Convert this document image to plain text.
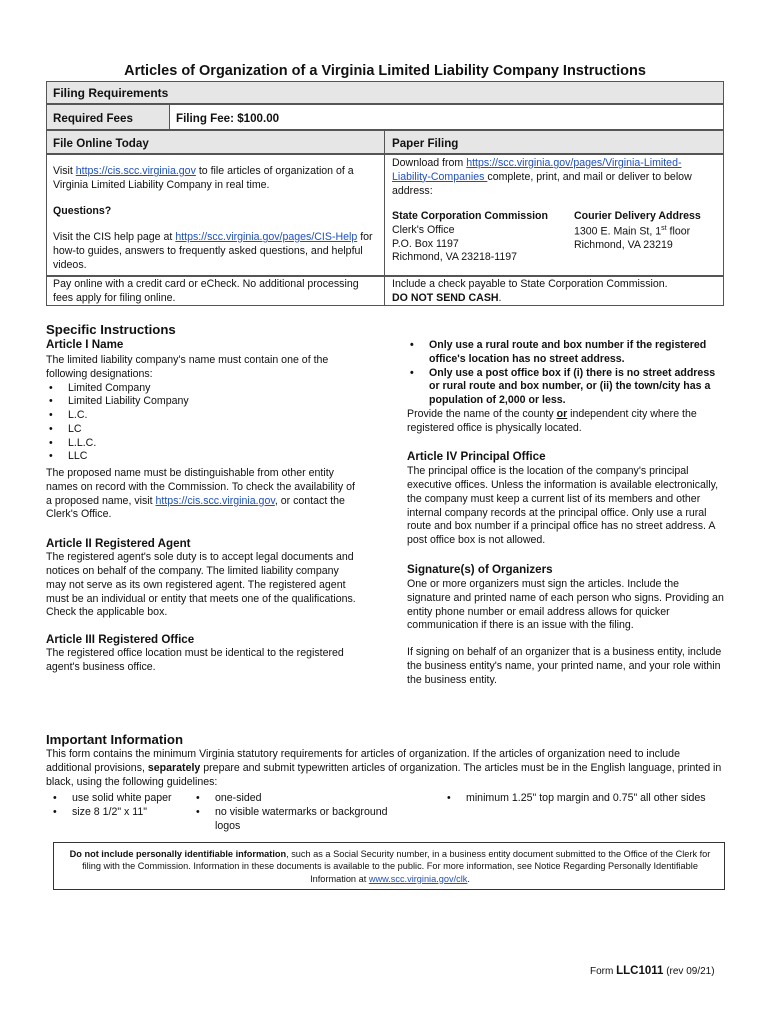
Articles of Organization of a Virginia Limited Liability Company Instructions
Filing Requirements
Required Fees	Filing Fee: $100.00
File Online Today	Paper Filing
Visit https://cis.scc.virginia.gov to file articles of organization of a Virginia Limited Liability Company in real time.
Questions?
Visit the CIS help page at https://scc.virginia.gov/pages/CIS-Help for how-to guides, answers to frequently asked questions, and helpful videos.
Download from https://scc.virginia.gov/pages/Virginia-Limited-Liability-Companies complete, print, and mail or deliver to below address:
State Corporation Commission
Clerk's Office
P.O. Box 1197
Richmond, VA 23218-1197
Courier Delivery Address
1300 E. Main St, 1st floor
Richmond, VA 23219
Pay online with a credit card or eCheck. No additional processing fees apply for filing online.
Include a check payable to State Corporation Commission.
DO NOT SEND CASH.
Specific Instructions
Article I Name

The limited liability company's name must contain one of the following designations:

• Limited Company
• Limited Liability Company
• L.C.
• LC
• L.L.C.
• LLC

The proposed name must be distinguishable from other entity names on record with the Commission. To check the availability of a proposed name, visit https://cis.scc.virginia.gov, or contact the Clerk's Office.

Article II Registered Agent

The registered agent's sole duty is to accept legal documents and notices on behalf of the company. The limited liability company may not serve as its own registered agent. The registered agent must be an individual or entity that meets one of the qualifications. Check the applicable box.

Article III Registered Office

The registered office location must be identical to the registered agent's business office.

• Only use a rural route and box number if the registered office's location has no street address.
• Only use a post office box if (i) there is no street address or rural route and box number, or (ii) the town/city has a population of 2,000 or less.

Provide the name of the county or independent city where the registered office is physically located.

Article IV Principal Office

The principal office is the location of the company's principal executive offices. Unless the information is available electronically, the company must keep a current list of its members and other internal company records at the principal office. Only use a rural route and box number if a principal office has no street address. A post office box is not allowed.

Signature(s) of Organizers

One or more organizers must sign the articles. Include the signature and printed name of each person who signs. Providing an entity phone number or email address allows for quicker communication if there is an issue with the filing.

If signing on behalf of an organizer that is a business entity, include the business entity's name, your printed name, and your role within the business entity.

Important Information
This form contains the minimum Virginia statutory requirements for articles of organization. If the articles of organization need to include additional provisions, separately prepare and submit typewritten articles of organization. The articles must be in the English language, printed in black, using the following guidelines:
• use solid white paper
• size 8 1/2" x 11"
• one-sided
• no visible watermarks or background logos
• minimum 1.25" top margin and 0.75" all other sides
Do not include personally identifiable information, such as a Social Security number, in a business entity document submitted to the Office of the Clerk for filing with the Commission. Information in these documents is available to the public. For more information, see Notice Regarding Personally Identifiable Information at www.scc.virginia.gov/clk.
Form LLC1011 (rev 09/21)
